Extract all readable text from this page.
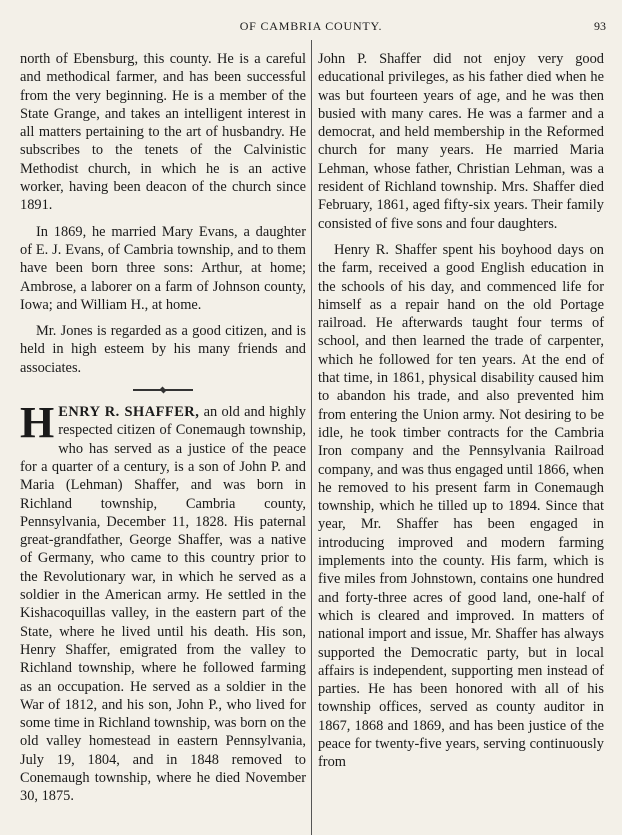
OF CAMBRIA COUNTY.	93

north of Ebensburg, this county. He is a careful and methodical farmer, and has been successful from the very beginning. He is a member of the State Grange, and takes an intelligent interest in all matters pertaining to the art of husbandry. He subscribes to the tenets of the Calvinistic Methodist church, in which he is an active worker, having been deacon of the church since 1891.

In 1869, he married Mary Evans, a daughter of E. J. Evans, of Cambria township, and to them have been born three sons: Arthur, at home; Ambrose, a laborer on a farm of Johnson county, Iowa; and William H., at home.

Mr. Jones is regarded as a good citizen, and is held in high esteem by his many friends and associates.

HENRY R. SHAFFER, an old and highly respected citizen of Conemaugh township, who has served as a justice of the peace for a quarter of a century, is a son of John P. and Maria (Lehman) Shaffer, and was born in Richland township, Cambria county, Pennsylvania, December 11, 1828. His paternal great-grandfather, George Shaffer, was a native of Germany, who came to this country prior to the Revolutionary war, in which he served as a soldier in the American army. He settled in the Kishacoquillas valley, in the eastern part of the State, where he lived until his death. His son, Henry Shaffer, emigrated from the valley to Richland township, where he followed farming as an occupation. He served as a soldier in the War of 1812, and his son, John P., who lived for some time in Richland township, was born on the old valley homestead in eastern Pennsylvania, July 19, 1804, and in 1848 removed to Conemaugh township, where he died November 30, 1875.

John P. Shaffer did not enjoy very good educational privileges, as his father died when he was but fourteen years of age, and he was then busied with many cares. He was a farmer and a democrat, and held membership in the Reformed church for many years. He married Maria Lehman, whose father, Christian Lehman, was a resident of Richland township. Mrs. Shaffer died February, 1861, aged fifty-six years. Their family consisted of five sons and four daughters.

Henry R. Shaffer spent his boyhood days on the farm, received a good English education in the schools of his day, and commenced life for himself as a repair hand on the old Portage railroad. He afterwards taught four terms of school, and then learned the trade of carpenter, which he followed for ten years. At the end of that time, in 1861, physical disability caused him to abandon his trade, and also prevented him from entering the Union army. Not desiring to be idle, he took timber contracts for the Cambria Iron company and the Pennsylvania Railroad company, and was thus engaged until 1866, when he removed to his present farm in Conemaugh township, which he tilled up to 1894. Since that year, Mr. Shaffer has been engaged in introducing improved and modern farming implements into the county. His farm, which is five miles from Johnstown, contains one hundred and forty-three acres of good land, one-half of which is cleared and improved. In matters of national import and issue, Mr. Shaffer has always supported the Democratic party, but in local affairs is independent, supporting men instead of parties. He has been honored with all of his township offices, served as county auditor in 1867, 1868 and 1869, and has been justice of the peace for twenty-five years, serving continuously from
